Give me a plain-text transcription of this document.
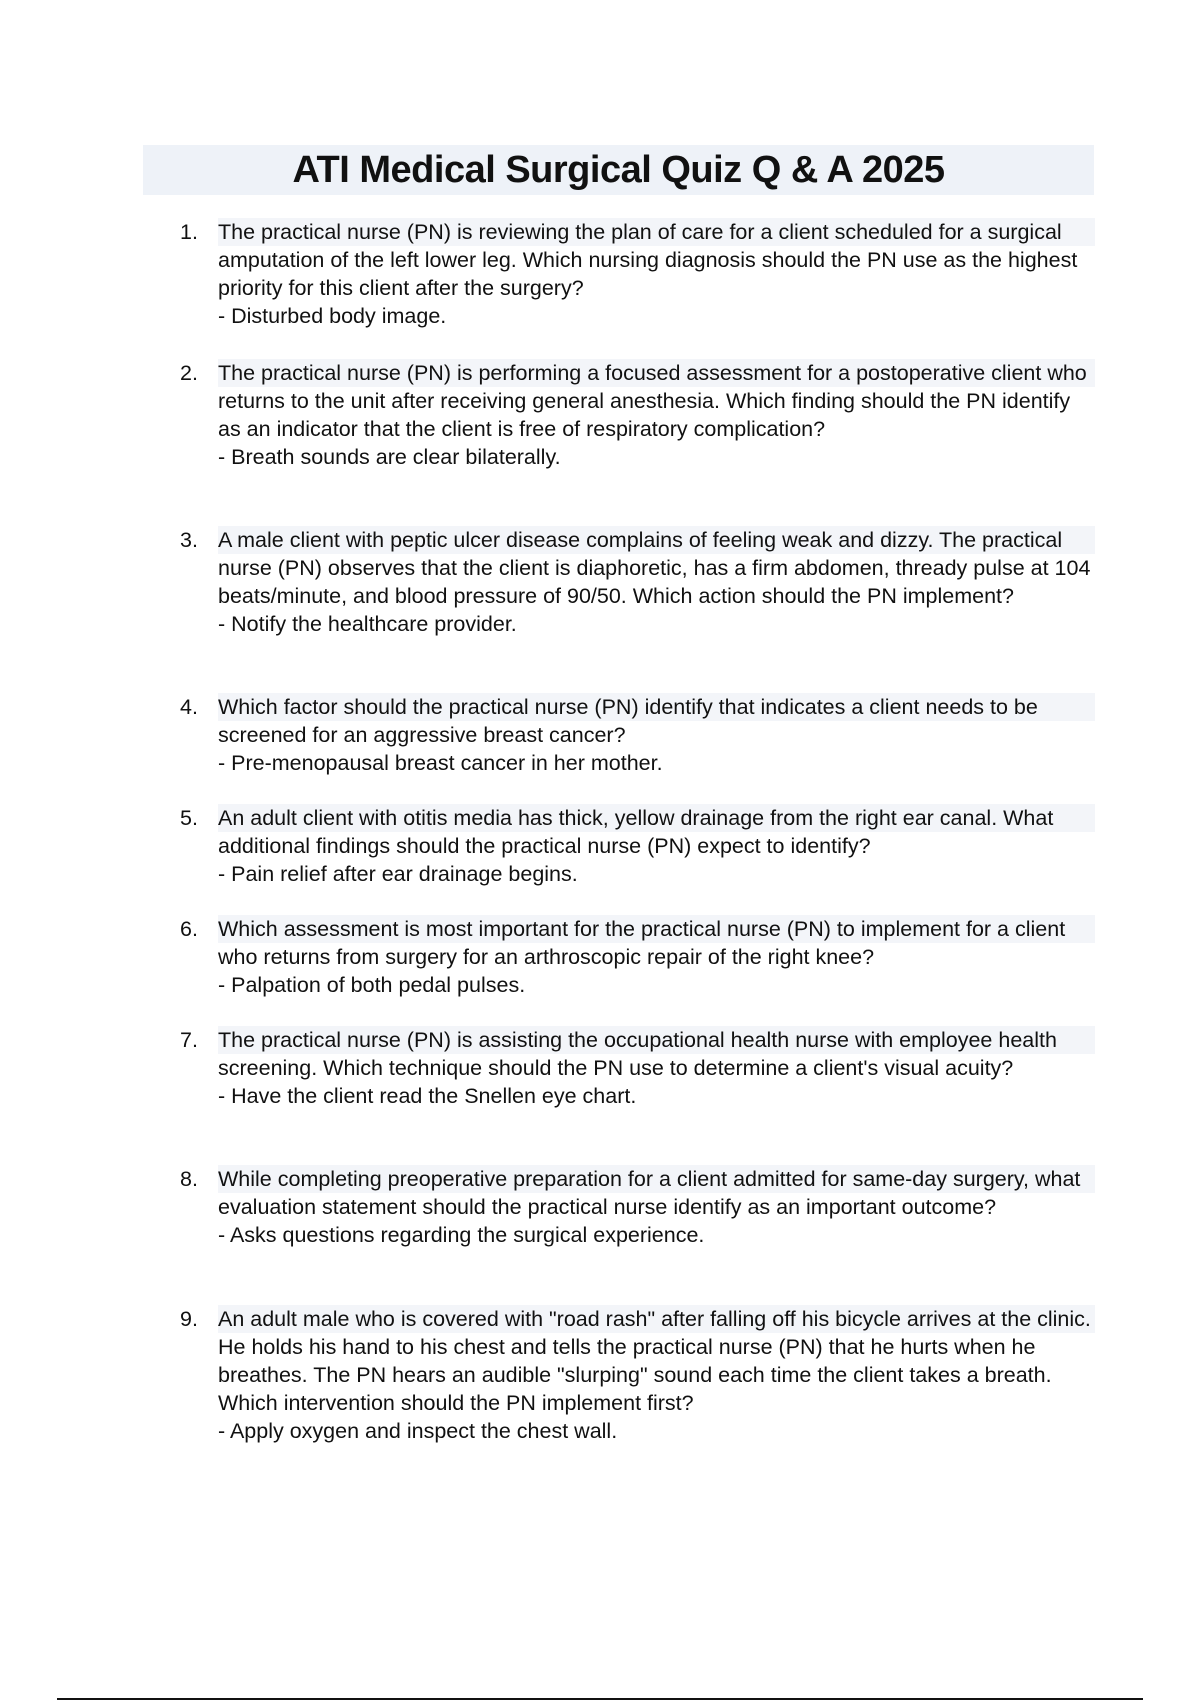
ATI Medical Surgical Quiz Q & A 2025
1. The practical nurse (PN) is reviewing the plan of care for a client scheduled for a surgical amputation of the left lower leg. Which nursing diagnosis should the PN use as the highest priority for this client after the surgery?

- Disturbed body image.

2. The practical nurse (PN) is performing a focused assessment for a postoperative client who returns to the unit after receiving general anesthesia. Which finding should the PN identify as an indicator that the client is free of respiratory complication?

- Breath sounds are clear bilaterally.

3. A male client with peptic ulcer disease complains of feeling weak and dizzy. The practical nurse (PN) observes that the client is diaphoretic, has a firm abdomen, thready pulse at 104 beats/minute, and blood pressure of 90/50. Which action should the PN implement?

- Notify the healthcare provider.

4. Which factor should the practical nurse (PN) identify that indicates a client needs to be screened for an aggressive breast cancer?

- Pre-menopausal breast cancer in her mother.

5. An adult client with otitis media has thick, yellow drainage from the right ear canal. What additional findings should the practical nurse (PN) expect to identify?

- Pain relief after ear drainage begins.

6. Which assessment is most important for the practical nurse (PN) to implement for a client who returns from surgery for an arthroscopic repair of the right knee?

- Palpation of both pedal pulses.

7. The practical nurse (PN) is assisting the occupational health nurse with employee health screening. Which technique should the PN use to determine a client's visual acuity?

- Have the client read the Snellen eye chart.

8. While completing preoperative preparation for a client admitted for same-day surgery, what evaluation statement should the practical nurse identify as an important outcome?

- Asks questions regarding the surgical experience.

9. An adult male who is covered with "road rash" after falling off his bicycle arrives at the clinic. He holds his hand to his chest and tells the practical nurse (PN) that he hurts when he breathes. The PN hears an audible "slurping" sound each time the client takes a breath. Which intervention should the PN implement first?

- Apply oxygen and inspect the chest wall.
